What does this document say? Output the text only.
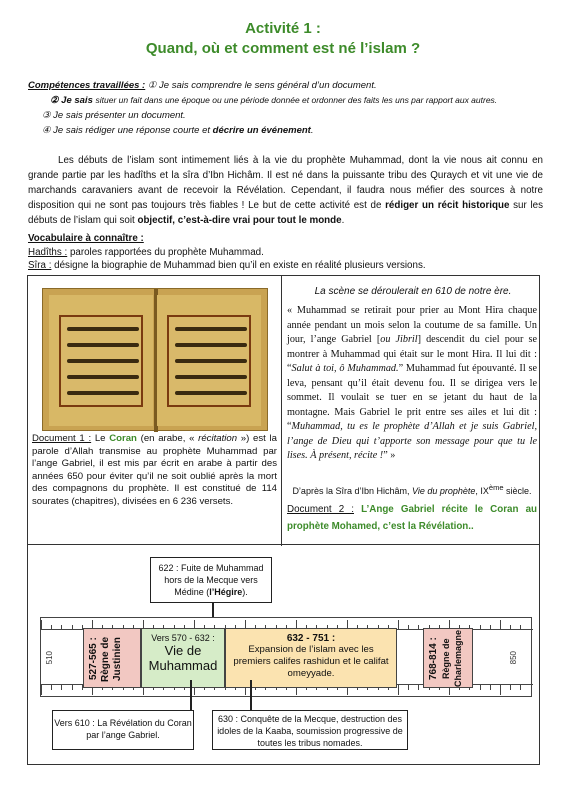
Activité 1 :
Quand, où et comment est né l’islam ?
Compétences travaillées : ① Je sais comprendre le sens général d’un document.
② Je sais situer un fait dans une époque ou une période donnée et ordonner des faits les uns par rapport aux autres.
③ Je sais présenter un document.
④ Je sais rédiger une réponse courte et décrire un événement.
Les débuts de l’islam sont intimement liés à la vie du prophète Muhammad, dont la vie nous ait connu en grande partie par les hadîths et la sîra d’Ibn Hichâm. Il est né dans la puissante tribu des Quraych et vit une vie de marchands caravaniers avant de recevoir la Révélation. Cependant, il faudra nous méfier des sources à notre disposition qui ne sont pas toujours très fiables ! Le but de cette activité est de rédiger un récit historique sur les débuts de l’islam qui soit objectif, c’est-à-dire vrai pour tout le monde.
Vocabulaire à connaître :
Hadîths : paroles rapportées du prophète Muhammad.
Sîra : désigne la biographie de Muhammad bien qu’il en existe en réalité plusieurs versions.
Document 1 : Le Coran (en arabe, « récitation ») est la parole d’Allah transmise au prophète Muhammad par l’ange Gabriel, il est mis par écrit en arabe à partir des années 650 pour éviter qu’il ne soit oublié après la mort des compagnons du prophète. Il est constitué de 114 sourates (chapitres), divisées en 6 236 versets.
La scène se déroulerait en 610 de notre ère.
« Muhammad se retirait pour prier au Mont Hira chaque année pendant un mois selon la coutume de sa famille. Un jour, l’ange Gabriel [ou Jibril] descendit du ciel pour se montrer à Muhammad qui était sur le mont Hira. Il lui dit : “Salut à toi, ô Muhammad.” Muhammad fut épouvanté. Il se leva, pensant qu’il était devenu fou. Il se dirigea vers le sommet. Il voulait se tuer en se jetant du haut de la montagne. Mais Gabriel le prit entre ses ailes et lui dit : “Muhammad, tu es le prophète d’Allah et je suis Gabriel, l’ange de Dieu qui t’apporte son message pour que tu le lises. À présent, récite !” »
D’après la Sîra d’Ibn Hichâm, Vie du prophète, IXème siècle.
Document 2 : L’Ange Gabriel récite le Coran au prophète Mohamed, c’est la Révélation..
622 : Fuite de Muhammad hors de la Mecque vers Médine (l’Hégire).
510	850
527-565 : Règne de Justinien	Vers 570 - 632 :
Vie de Muhammad
632 - 751 :
Expansion de l’islam avec les premiers califes rashidun et le califat omeyyade.	768-814 : Règne de Charlemagne
Vers 610 : La Révélation du Coran par l’ange Gabriel.
630 : Conquête de la Mecque, destruction des idoles de la Kaaba, soumission progressive de toutes les tribus nomades.
